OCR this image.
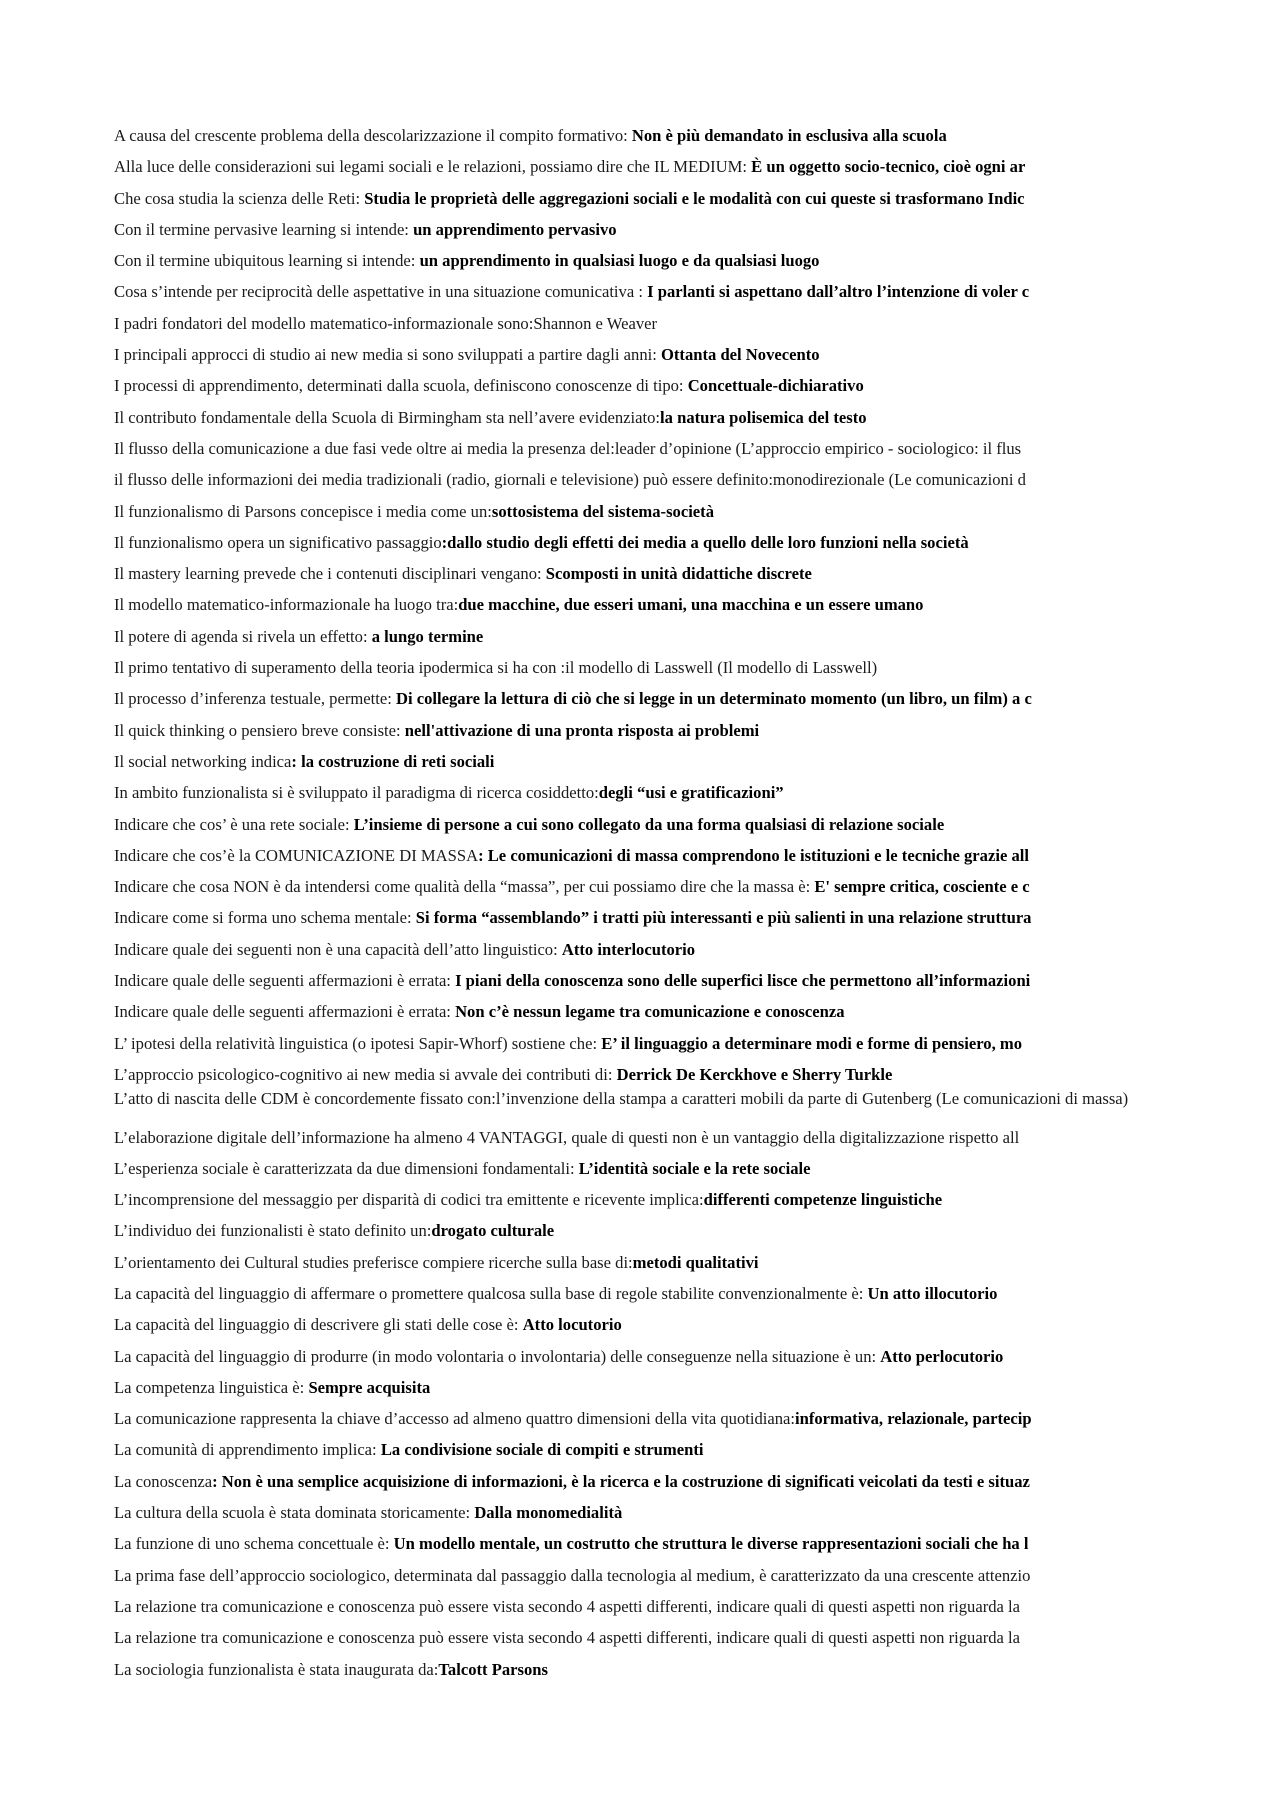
A causa del crescente problema della descolarizzazione il compito formativo: Non è più demandato in esclusiva alla scuola
Alla luce delle considerazioni sui legami sociali e le relazioni, possiamo dire che IL MEDIUM: È un oggetto socio-tecnico, cioè ogni ar
Che cosa studia la scienza delle Reti: Studia le proprietà delle aggregazioni sociali e le modalità con cui queste si trasformano Indic
Con il termine pervasive learning si intende: un apprendimento pervasivo
Con il termine ubiquitous learning si intende: un apprendimento in qualsiasi luogo e da qualsiasi luogo
Cosa s’intende per reciprocità delle aspettative in una situazione comunicativa : I parlanti si aspettano dall’altro l’intenzione di voler c
I padri fondatori del modello matematico-informazionale sono:Shannon e Weaver
I principali approcci di studio ai new media si sono sviluppati a partire dagli anni: Ottanta del Novecento
I processi di apprendimento, determinati dalla scuola, definiscono conoscenze di tipo: Concettuale-dichiarativo
Il contributo fondamentale della Scuola di Birmingham sta nell’avere evidenziato:la natura polisemica del testo
Il flusso della comunicazione a due fasi vede oltre ai media la presenza del:leader d’opinione (L’approccio empirico - sociologico: il flus
il flusso delle informazioni dei media tradizionali (radio, giornali e televisione) può essere definito:monodirezionale (Le comunicazioni d
Il funzionalismo di Parsons concepisce i media come un:sottosistema del sistema-società
Il funzionalismo opera un significativo passaggio:dallo studio degli effetti dei media a quello delle loro funzioni nella società
Il mastery learning prevede che i contenuti disciplinari vengano: Scomposti in unità didattiche discrete
Il modello matematico-informazionale ha luogo tra:due macchine, due esseri umani, una macchina e un essere umano
Il potere di agenda si rivela un effetto: a lungo termine
Il primo tentativo di superamento della teoria ipodermica si ha con :il modello di Lasswell (Il modello di Lasswell)
Il processo d’inferenza testuale, permette: Di collegare la lettura di ciò che si legge in un determinato momento (un libro, un film) a c
Il quick thinking o pensiero breve consiste: nell'attivazione di una pronta risposta ai problemi
Il social networking indica: la costruzione di reti sociali
In ambito funzionalista si è sviluppato il paradigma di ricerca cosiddetto:degli “usi e gratificazioni”
Indicare che cos’ è una rete sociale: L’insieme di persone a cui sono collegato da una forma qualsiasi di relazione sociale
Indicare che cos’è la COMUNICAZIONE DI MASSA: Le comunicazioni di massa comprendono le istituzioni e le tecniche grazie all
Indicare che cosa NON è da intendersi come qualità della “massa”, per cui possiamo dire che la massa è: E' sempre critica, cosciente e c
Indicare come si forma uno schema mentale: Si forma “assemblando” i tratti più interessanti e più salienti in una relazione struttura
Indicare quale dei seguenti non è una capacità dell’atto linguistico: Atto interlocutorio
Indicare quale delle seguenti affermazioni è errata: I piani della conoscenza sono delle superfici lisce che permettono all’informazioni
Indicare quale delle seguenti affermazioni è errata: Non c’è nessun legame tra comunicazione e conoscenza
L’ ipotesi della relatività linguistica (o ipotesi Sapir-Whorf) sostiene che: E’ il linguaggio a determinare modi e forme di pensiero, mo
L’approccio psicologico-cognitivo ai new media si avvale dei contributi di: Derrick De Kerckhove e Sherry Turkle
L’atto di nascita delle CDM è concordemente fissato con:l’invenzione della stampa a caratteri mobili da parte di Gutenberg (Le comunicazioni di massa)
L’elaborazione digitale dell’informazione ha almeno 4 VANTAGGI, quale di questi non è un vantaggio della digitalizzazione rispetto all
L’esperienza sociale è caratterizzata da due dimensioni fondamentali: L’identità sociale e la rete sociale
L’incomprensione del messaggio per disparità di codici tra emittente e ricevente implica:differenti competenze linguistiche
L’individuo dei funzionalisti è stato definito un:drogato culturale
L’orientamento dei Cultural studies preferisce compiere ricerche sulla base di:metodi qualitativi
La capacità del linguaggio di affermare o promettere qualcosa sulla base di regole stabilite convenzionalmente è: Un atto illocutorio
La capacità del linguaggio di descrivere gli stati delle cose è: Atto locutorio
La capacità del linguaggio di produrre (in modo volontaria o involontaria) delle conseguenze nella situazione è un: Atto perlocutorio
La competenza linguistica è: Sempre acquisita
La comunicazione rappresenta la chiave d’accesso ad almeno quattro dimensioni della vita quotidiana:informativa, relazionale, partecip
La comunità di apprendimento implica: La condivisione sociale di compiti e strumenti
La conoscenza: Non è una semplice acquisizione di informazioni, è la ricerca e la costruzione di significati veicolati da testi e situaz
La cultura della scuola è stata dominata storicamente: Dalla monomedialità
La funzione di uno schema concettuale è: Un modello mentale, un costrutto che struttura le diverse rappresentazioni sociali che ha l
La prima fase dell’approccio sociologico, determinata dal passaggio dalla tecnologia al medium, è caratterizzato da una crescente attenzio
La relazione tra comunicazione e conoscenza può essere vista secondo 4 aspetti differenti, indicare quali di questi aspetti non riguarda la
La relazione tra comunicazione e conoscenza può essere vista secondo 4 aspetti differenti, indicare quali di questi aspetti non riguarda la
La sociologia funzionalista è stata inaugurata da:Talcott Parsons
